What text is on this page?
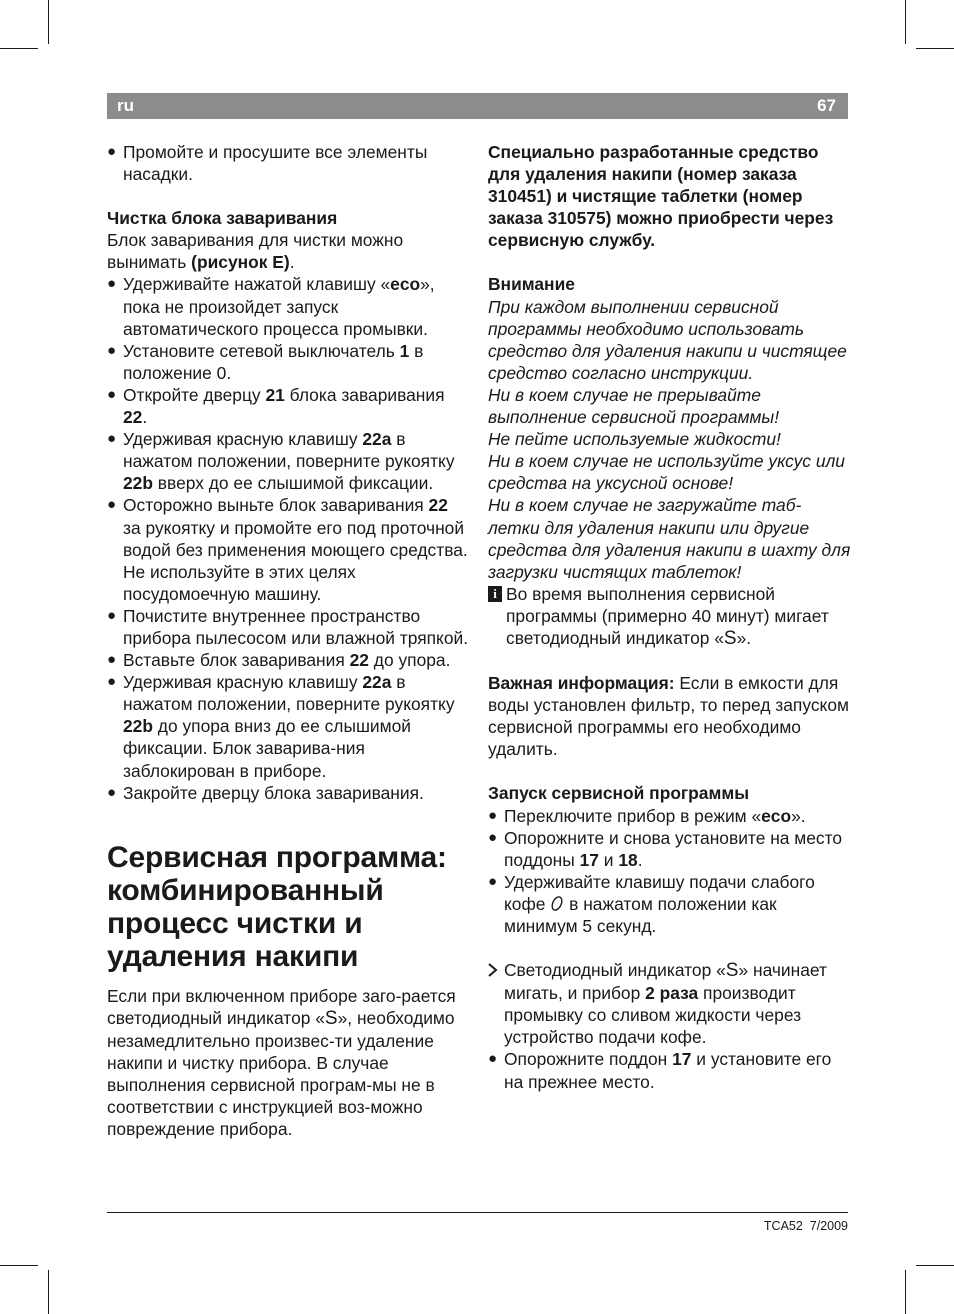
ru	67
● Промойте и просушите все элементы насадки.

Чистка блока заваривания

Блок заваривания для чистки можно вынимать (рисунок E).

● Удерживайте нажатой клавишу «eco», пока не произойдет запуск автоматического процесса промывки.
● Установите сетевой выключатель 1 в положение 0.
● Откройте дверцу 21 блока заваривания 22.
● Удерживая красную клавишу 22a в нажатом положении, поверните рукоятку 22b вверх до ее слышимой фиксации.
● Осторожно выньте блок заваривания 22 за рукоятку и промойте его под проточной водой без применения моющего средства. Не используйте в этих целях посудомоечную машину.
● Почистите внутреннее пространство прибора пылесосом или влажной тряпкой.
● Вставьте блок заваривания 22 до упора.
● Удерживая красную клавишу 22a в нажатом положении, поверните рукоятку 22b до упора вниз до ее слышимой фиксации. Блок заварива-ния заблокирован в приборе.
● Закройте дверцу блока заваривания.
Сервисная программа: комбинированный процесс чистки и удаления накипи

Если при включенном приборе заго-рается светодиодный индикатор «S», необходимо незамедлительно произвес-ти удаление накипи и чистку прибора. В случае выполнения сервисной програм-мы не в соответствии с инструкцией воз-можно повреждение прибора.

Специально разработанные средство для удаления накипи (номер заказа 310451) и чистящие таблетки (номер заказа 310575) можно приобрести через сервисную службу.

Внимание

При каждом выполнении сервисной программы необходимо использовать средство для удаления накипи и чистящее средство согласно инструкции.

Ни в коем случае не прерывайте выполнение сервисной программы!

Не пейте используемые жидкости!

Ни в коем случае не используйте уксус или средства на уксусной основе!

Ни в коем случае не загружайте таб-летки для удаления накипи или другие средства для удаления накипи в шахту для загрузки чистящих таблеток!

i Во время выполнения сервисной программы (примерно 40 минут) мигает светодиодный индикатор «S».

Важная информация: Если в емкости для воды установлен фильтр, то перед запуском сервисной программы его необходимо удалить.

Запуск сервисной программы

● Переключите прибор в режим «eco».
● Опорожните и снова установите на место поддоны 17 и 18.
● Удерживайте клавишу подачи слабого кофе  в нажатом положении как минимум 5 секунд.
Светодиодный индикатор «S» начинает мигать, и прибор 2 раза производит промывку со сливом жидкости через устройство подачи кофе.
● Опорожните поддон 17 и установите его на прежнее место.
TCA52 7/2009
